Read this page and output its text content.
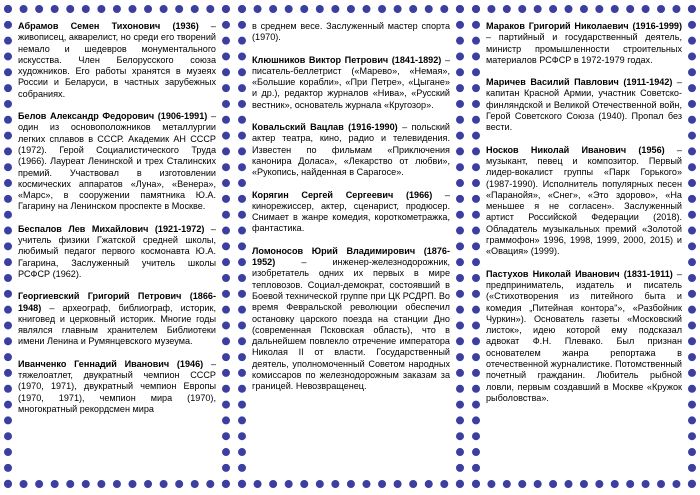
Абрамов Семен Тихонович (1936) – живописец, акварелист, но среди его творений немало и шедевров монументального искусства. Член Белорусского союза художников. Его работы хранятся в музеях России и Беларуси, в частных зарубежных собраниях.

Белов Александр Федорович (1906-1991) – один из основоположников металлургии легких сплавов в СССР. Академик АН СССР (1972). Герой Социалистического Труда (1966). Лауреат Ленинской и трех Сталинских премий. Участвовал в изготовлении космических аппаратов «Луна», «Венера», «Марс», в сооружении памятника Ю.А. Гагарину на Ленинском проспекте в Москве.

Беспалов Лев Михайлович (1921-1972) – учитель физики Гжатской средней школы, любимый педагог первого космонавта Ю.А. Гагарина, Заслуженный учитель школы РСФСР (1962).

Георгиевский Григорий Петрович (1866-1948) – археограф, библиограф, историк, книговед и церковный историк. Многие годы являлся главным хранителем Библиотеки имени Ленина и Румянцевского музеума.

Иванченко Геннадий Иванович (1946) – тяжелоатлет, двукратный чемпион СССР (1970, 1971), двукратный чемпион Европы (1970, 1971), чемпион мира (1970), многократный рекордсмен мира

в среднем весе. Заслуженный мастер спорта (1970).

Клюшников Виктор Петрович (1841-1892) – писатель-беллетрист («Марево», «Немая», «Большие корабли», «При Петре», «Цыгане» и др.), редактор журналов «Нива», «Русский вестник», основатель журнала «Кругозор».

Ковальский Вацлав (1916-1990) – польский актер театра, кино, радио и телевидения. Известен по фильмам «Приключения канонира Доласа», «Лекарство от любви», «Рукопись, найденная в Сарагосе».

Корягин Сергей Сергеевич (1966) – кинорежиссер, актер, сценарист, продюсер. Снимает в жанре комедия, короткометражка, фантастика.

Ломоносов Юрий Владимирович (1876-1952) – инженер-железнодорожник, изобретатель одних их первых в мире тепловозов. Социал-демократ, состоявший в Боевой технической группе при ЦК РСДРП. Во время Февральской революции обеспечил остановку царского поезда на станции Дно (современная Псковская область), что в дальнейшем повлекло отречение императора Николая II от власти. Государственный деятель, уполномоченный Советом народных комиссаров по железнодорожным заказам за границей. Невозвращенец.

Мараков Григорий Николаевич (1916-1999) – партийный и государственный деятель, министр промышленности строительных материалов РСФСР в 1972-1979 годах.

Маричев Василий Павлович (1911-1942) – капитан Красной Армии, участник Советско-финляндской и Великой Отечественной войн, Герой Советского Союза (1940). Пропал без вести.

Носков Николай Иванович (1956) – музыкант, певец и композитор. Первый лидер-вокалист группы «Парк Горького» (1987-1990). Исполнитель популярных песен «Паранойя», «Снег», «Это здорово», «На меньшее я не согласен». Заслуженный артист Российской Федерации (2018). Обладатель музыкальных премий «Золотой граммофон» 1996, 1998, 1999, 2000, 2015) и «Овация» (1999).

Пастухов Николай Иванович (1831-1911) – предприниматель, издатель и писатель («Стихотворения из питейного быта и комедия „Питейная контора"», «Разбойник Чуркин»). Основатель газеты «Московский листок», идею которой ему подсказал адвокат Ф.Н. Плевако. Был признан основателем жанра репортажа в отечественной журналистике. Потомственный почетный гражданин. Любитель рыбной ловли, первым создавший в Москве «Кружок рыболовства».
